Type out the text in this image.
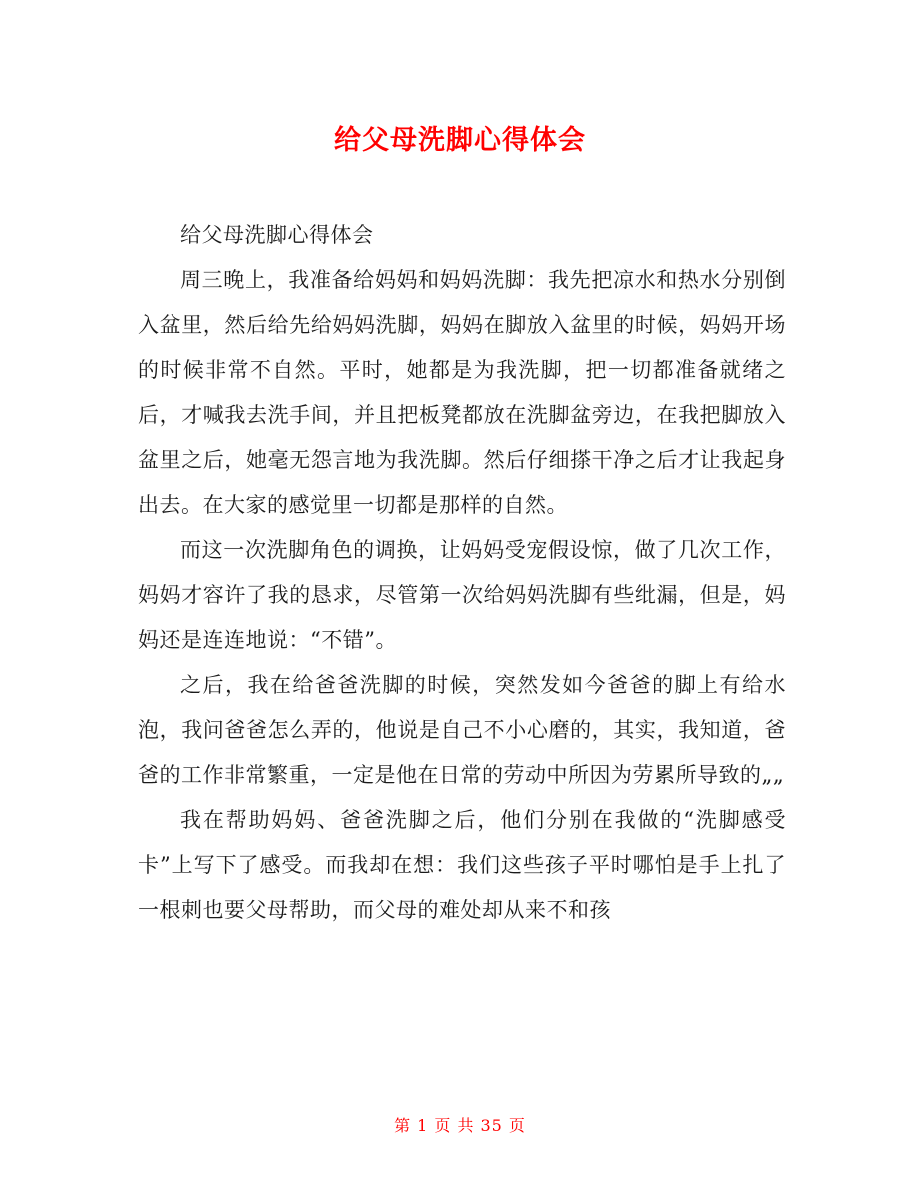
给父母洗脚心得体会

给父母洗脚心得体会

周三晚上，我准备给妈妈和妈妈洗脚：我先把凉水和热水分别倒入盆里，然后给先给妈妈洗脚，妈妈在脚放入盆里的时候，妈妈开场的时候非常不自然。平时，她都是为我洗脚，把一切都准备就绪之后，才喊我去洗手间，并且把板凳都放在洗脚盆旁边，在我把脚放入盆里之后，她毫无怨言地为我洗脚。然后仔细搽干净之后才让我起身出去。在大家的感觉里一切都是那样的自然。

而这一次洗脚角色的调换，让妈妈受宠假设惊，做了几次工作，妈妈才容许了我的恳求，尽管第一次给妈妈洗脚有些纰漏，但是，妈妈还是连连地说：“不错”。

之后，我在给爸爸洗脚的时候，突然发如今爸爸的脚上有给水泡，我问爸爸怎么弄的，他说是自己不小心磨的，其实，我知道，爸爸的工作非常繁重，一定是他在日常的劳动中所因为劳累所导致的„„

我在帮助妈妈、爸爸洗脚之后，他们分别在我做的“洗脚感受卡”上写下了感受。而我却在想：我们这些孩子平时哪怕是手上扎了一根刺也要父母帮助，而父母的难处却从来不和孩

第 1 页 共 35 页
